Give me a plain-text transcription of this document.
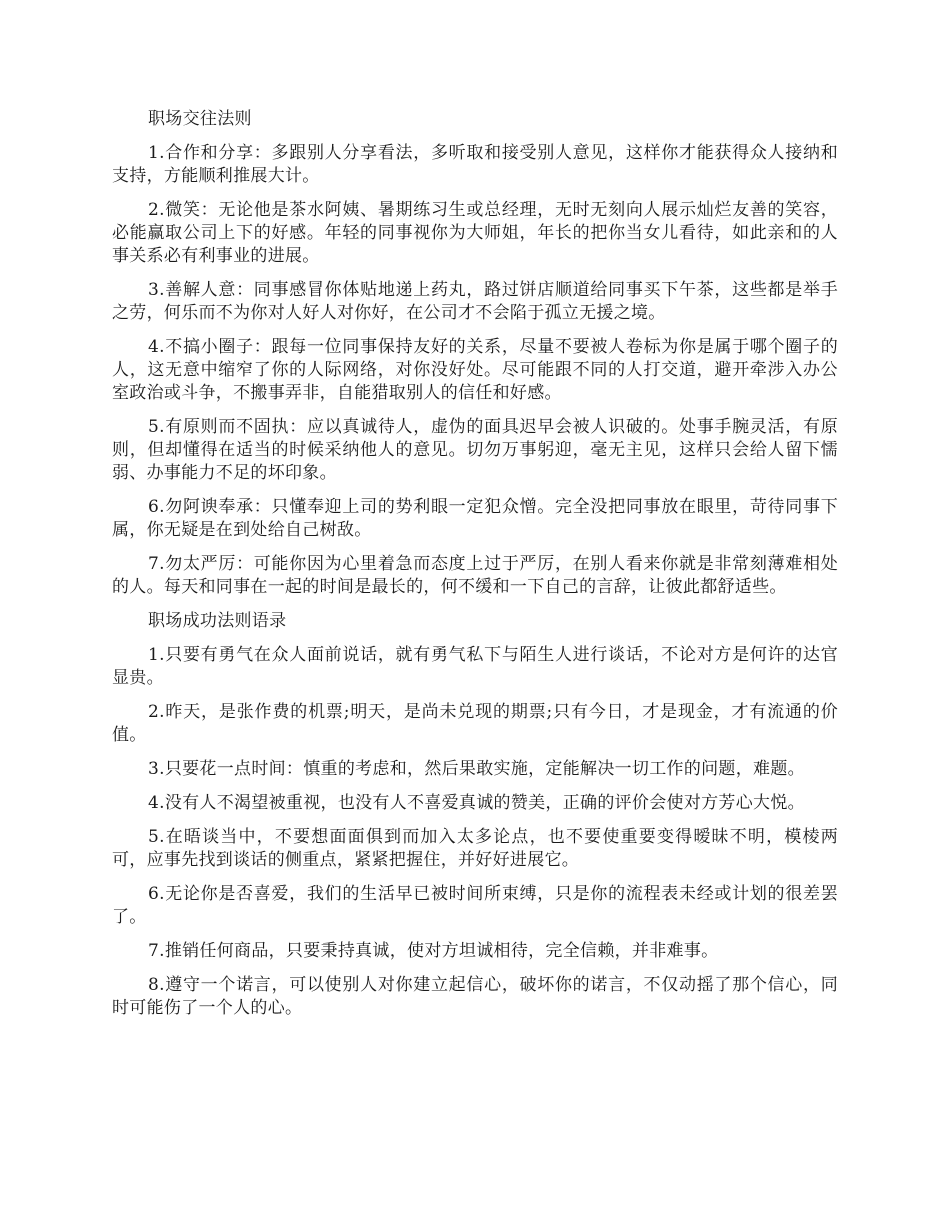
职场交往法则

1.合作和分享：多跟别人分享看法，多听取和接受别人意见，这样你才能获得众人接纳和支持，方能顺利推展大计。

2.微笑：无论他是茶水阿姨、暑期练习生或总经理，无时无刻向人展示灿烂友善的笑容，必能赢取公司上下的好感。年轻的同事视你为大师姐，年长的把你当女儿看待，如此亲和的人事关系必有利事业的进展。

3.善解人意：同事感冒你体贴地递上药丸，路过饼店顺道给同事买下午茶，这些都是举手之劳，何乐而不为你对人好人对你好，在公司才不会陷于孤立无援之境。

4.不搞小圈子：跟每一位同事保持友好的关系，尽量不要被人卷标为你是属于哪个圈子的人，这无意中缩窄了你的人际网络，对你没好处。尽可能跟不同的人打交道，避开牵涉入办公室政治或斗争，不搬事弄非，自能猎取别人的信任和好感。

5.有原则而不固执：应以真诚待人，虚伪的面具迟早会被人识破的。处事手腕灵活，有原则，但却懂得在适当的时候采纳他人的意见。切勿万事躬迎，毫无主见，这样只会给人留下懦弱、办事能力不足的坏印象。

6.勿阿谀奉承：只懂奉迎上司的势利眼一定犯众憎。完全没把同事放在眼里，苛待同事下属，你无疑是在到处给自己树敌。

7.勿太严厉：可能你因为心里着急而态度上过于严厉，在别人看来你就是非常刻薄难相处的人。每天和同事在一起的时间是最长的，何不缓和一下自己的言辞，让彼此都舒适些。

职场成功法则语录

1.只要有勇气在众人面前说话，就有勇气私下与陌生人进行谈话，不论对方是何许的达官显贵。

2.昨天，是张作费的机票;明天，是尚未兑现的期票;只有今日，才是现金，才有流通的价值。

3.只要花一点时间：慎重的考虑和，然后果敢实施，定能解决一切工作的问题，难题。

4.没有人不渴望被重视，也没有人不喜爱真诚的赞美，正确的评价会使对方芳心大悦。

5.在晤谈当中，不要想面面俱到而加入太多论点，也不要使重要变得暧昧不明，模棱两可，应事先找到谈话的侧重点，紧紧把握住，并好好进展它。

6.无论你是否喜爱，我们的生活早已被时间所束缚，只是你的流程表未经或计划的很差罢了。

7.推销任何商品，只要秉持真诚，使对方坦诚相待，完全信赖，并非难事。

8.遵守一个诺言，可以使别人对你建立起信心，破坏你的诺言，不仅动摇了那个信心，同时可能伤了一个人的心。
